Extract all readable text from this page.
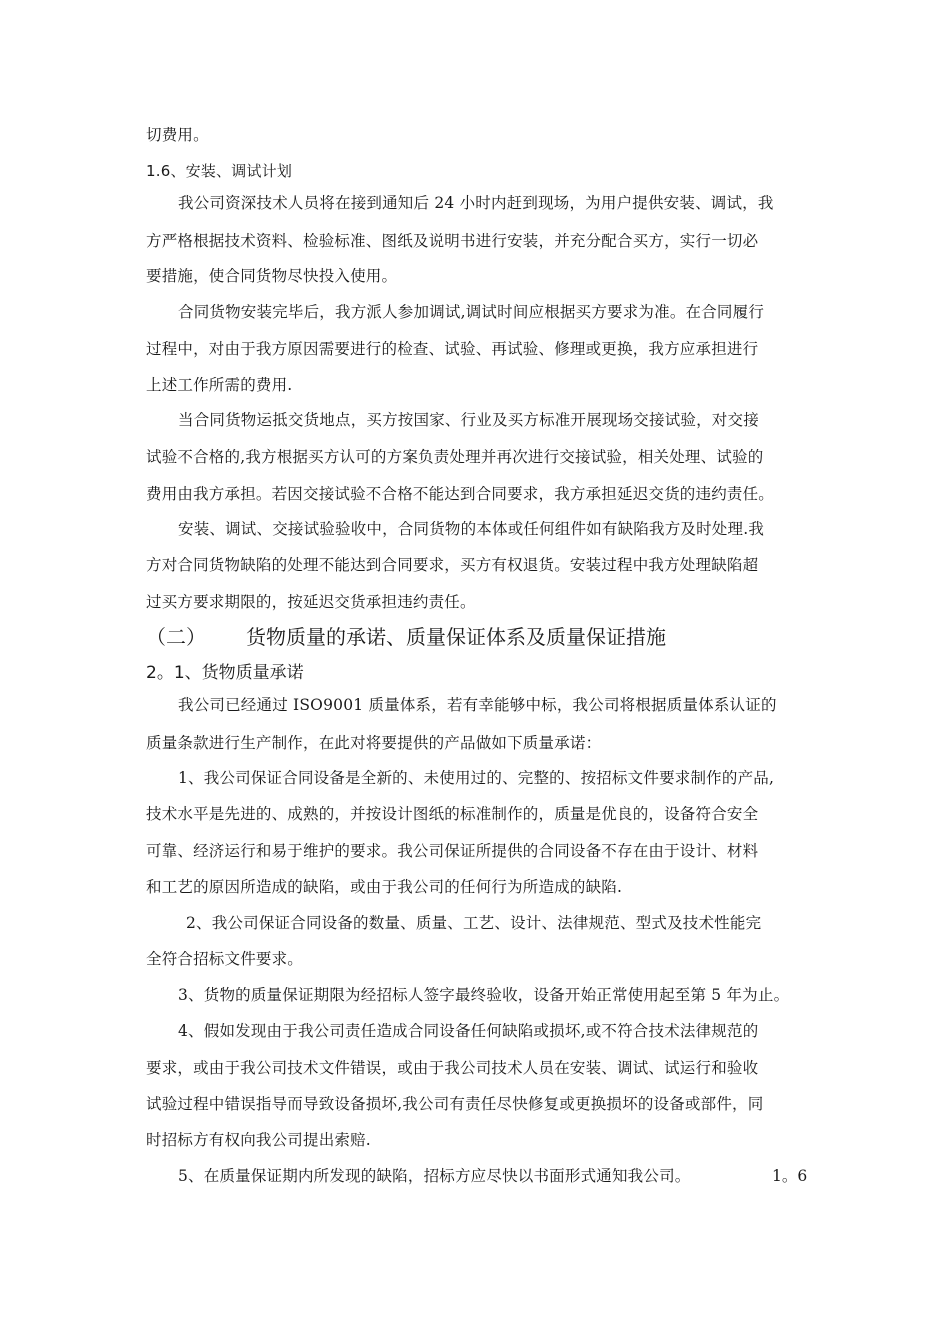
切费用。
1.6、安装、调试计划
我公司资深技术人员将在接到通知后 24 小时内赶到现场，为用户提供安装、调试，我
方严格根据技术资料、检验标准、图纸及说明书进行安装，并充分配合买方，实行一切必
要措施，使合同货物尽快投入使用。
合同货物安装完毕后，我方派人参加调试,调试时间应根据买方要求为准。在合同履行
过程中，对由于我方原因需要进行的检查、试验、再试验、修理或更换，我方应承担进行
上述工作所需的费用.
当合同货物运抵交货地点，买方按国家、行业及买方标准开展现场交接试验，对交接
试验不合格的,我方根据买方认可的方案负责处理并再次进行交接试验，相关处理、试验的
费用由我方承担。若因交接试验不合格不能达到合同要求，我方承担延迟交货的违约责任。
安装、调试、交接试验验收中，合同货物的本体或任何组件如有缺陷我方及时处理.我
方对合同货物缺陷的处理不能达到合同要求，买方有权退货。安装过程中我方处理缺陷超
过买方要求期限的，按延迟交货承担违约责任。
（二） 货物质量的承诺、质量保证体系及质量保证措施
2。1、货物质量承诺
我公司已经通过 ISO9001 质量体系，若有幸能够中标，我公司将根据质量体系认证的
质量条款进行生产制作，在此对将要提供的产品做如下质量承诺：
1、我公司保证合同设备是全新的、未使用过的、完整的、按招标文件要求制作的产品,
技术水平是先进的、成熟的，并按设计图纸的标准制作的，质量是优良的，设备符合安全
可靠、经济运行和易于维护的要求。我公司保证所提供的合同设备不存在由于设计、材料
和工艺的原因所造成的缺陷，或由于我公司的任何行为所造成的缺陷.
2、我公司保证合同设备的数量、质量、工艺、设计、法律规范、型式及技术性能完
全符合招标文件要求。
3、货物的质量保证期限为经招标人签字最终验收，设备开始正常使用起至第 5 年为止。
4、假如发现由于我公司责任造成合同设备任何缺陷或损坏,或不符合技术法律规范的
要求，或由于我公司技术文件错误，或由于我公司技术人员在安装、调试、试运行和验收
试验过程中错误指导而导致设备损坏,我公司有责任尽快修复或更换损坏的设备或部件，同
时招标方有权向我公司提出索赔.
5、在质量保证期内所发现的缺陷，招标方应尽快以书面形式通知我公司。	1。6
